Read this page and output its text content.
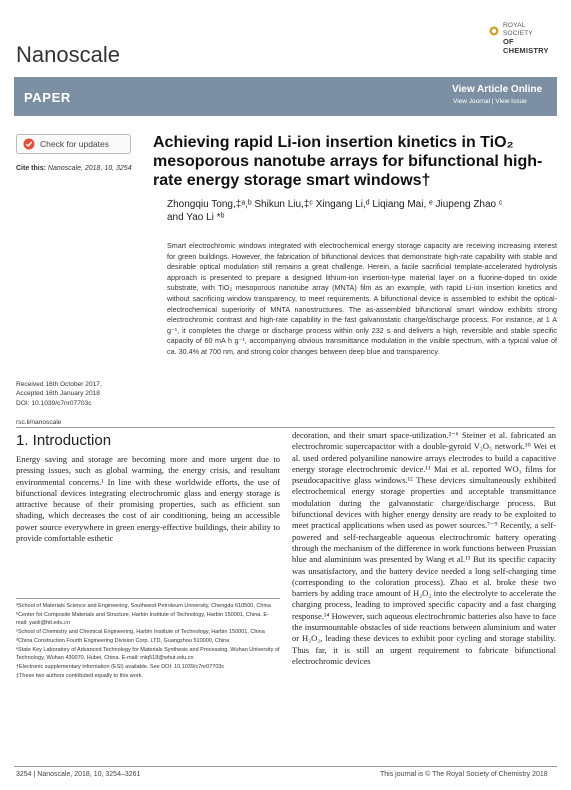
Nanoscale
ROYAL SOCIETY
OF CHEMISTRY
PAPER
View Article Online
View Journal | View Issue
Check for updates
Cite this: Nanoscale, 2018, 10, 3254
Achieving rapid Li-ion insertion kinetics in TiO₂ mesoporous nanotube arrays for bifunctional high-rate energy storage smart windows†
Zhongqiu Tong,‡ᵃ,ᵇ Shikun Liu,‡ᶜ Xingang Li,ᵈ Liqiang Mai, ᵉ Jiupeng Zhao ᶜ
and Yao Li *ᵇ
Smart electrochromic windows integrated with electrochemical energy storage capacity are receiving increasing interest for green buildings. However, the fabrication of bifunctional devices that demonstrate high-rate capability with stable and desirable optical modulation still remains a great challenge. Herein, a facile sacrificial template-accelerated hydrolysis approach is presented to prepare a designed lithium-ion insertion-type material layer on a fluorine-doped tin oxide substrate, with TiO₂ mesoporous nanotube array (MNTA) film as an example, with rapid Li-ion insertion kinetics and without sacrificing window transparency, to meet requirements. A bifunctional device is assembled to exhibit the optical-electrochemical superiority of MNTA nanostructures. The as-assembled bifunctional smart window exhibits strong electrochromic contrast and high-rate capability in the fast galvanostatic charge/discharge process. For instance, at 1 A g⁻¹, it completes the charge or discharge process within only 232 s and delivers a high, reversible and stable specific capacity of 60 mA h g⁻¹, accompanying obvious transmittance modulation in the visible spectrum, with a typical value of ca. 30.4% at 700 nm, and strong color changes between deep blue and transparency.
Received 16th October 2017,
Accepted 16th January 2018
DOI: 10.1039/c7nr07703c
rsc.li/nanoscale
1. Introduction
Energy saving and storage are becoming more and more urgent due to pressing issues, such as global warming, the energy crisis, and resultant environmental concerns.¹ In line with these worldwide efforts, the use of bifunctional devices integrating electrochromic glass and energy storage is attractive because of their promising properties, such as efficient sun shading, which decreases the cost of air conditioning, being an accessible power source everywhere in green energy-effective buildings, their ability to provide comfortable esthetic
decoration, and their smart space-utilization.²⁻⁶ Steiner et al. fabricated an electrochromic supercapacitor with a double-gyroid V₂O₅ network.¹⁰ Wei et al. used ordered polyaniline nanowire arrays electrodes to build a capacitive energy storage electrochromic device.¹¹ Mai et al. reported WO₃ films for pseudocapacitive glass windows.¹² These devices simultaneously exhibited electrochemical energy storage properties and acceptable transmittance modulation during the galvanostatic charge/discharge process. But bifunctional devices with higher energy density are ready to be exploited to meet practical applications when used as power sources.⁷⁻⁹ Recently, a self-powered and self-rechargeable aqueous electrochromic battery operating through the mechanism of the difference in work functions between Prussian blue and aluminium was presented by Wang et al.¹³ But its specific capacity was unsatisfactory, and the battery device needed a long self-charging time (corresponding to the coloration process). Zhao et al. broke these two barriers by adding trace amount of H₂O₂ into the electrolyte to accelerate the charging process, leading to improved specific capacity and a fast charging response.¹⁴ However, such aqueous electrochromic batteries also have to face the insurmountable obstacles of side reactions between aluminium and water or H₂O₂, leading these devices to exhibit poor cycling and storage stability. Thus far, it is still an urgent requirement to fabricate bifunctional electrochromic devices

ᵃSchool of Materials Science and Engineering, Southwest Petroleum University, Chengdu 610500, China

ᵇCenter for Composite Materials and Structure, Harbin Institute of Technology, Harbin 150001, China. E-mail: yaoli@hit.edu.cn

ᶜSchool of Chemistry and Chemical Engineering, Harbin Institute of Technology, Harbin 150001, China

ᵈChina Construction Fourth Engineering Division Corp. LTD, Guangzhou 510000, China

ᵉState Key Laboratory of Advanced Technology for Materials Synthesis and Processing, Wuhan University of Technology, Wuhan 430070, Hubei, China. E-mail: mlq518@whut.edu.cn

†Electronic supplementary information (ESI) available. See DOI: 10.1039/c7nr07703c

‡These two authors contributed equally to this work.

3254 | Nanoscale, 2018, 10, 3254–3261	This journal is © The Royal Society of Chemistry 2018
